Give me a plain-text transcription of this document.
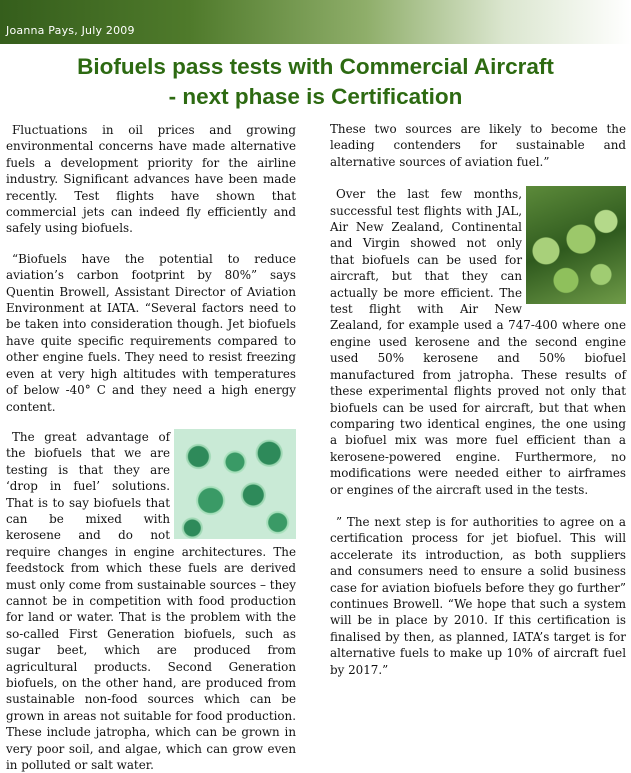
Joanna Pays, July 2009
Biofuels pass tests with Commercial Aircraft
- next phase is Certification

Fluctuations in oil prices and growing environmental concerns have made alternative fuels a development priority for the airline industry. Significant advances have been made recently. Test flights have shown that commercial jets can indeed fly efficiently and safely using biofuels.

“Biofuels have the potential to reduce aviation’s carbon footprint by 80%” says Quentin Browell, Assistant Director of Aviation Environment at IATA. “Several factors need to be taken into consideration though. Jet biofuels have quite specific requirements compared to other engine fuels. They need to resist freezing even at very high altitudes with temperatures of below -40° C and they need a high energy content.

The great advantage of the biofuels that we are testing is that they are ‘drop in fuel’ solutions. That is to say biofuels that can be mixed with kerosene and do not require changes in engine architectures. The feedstock from which these fuels are derived must only come from sustainable sources – they cannot be in competition with food production for land or water. That is the problem with the so-called First Generation biofuels, such as sugar beet, which are produced from agricultural products. Second Generation biofuels, on the other hand, are produced from sustainable non-food sources which can be grown in areas not suitable for food production. These include jatropha, which can be grown in very poor soil, and algae, which can grow even in polluted or salt water.

These two sources are likely to become the leading contenders for sustainable and alternative sources of aviation fuel.”

Over the last few months, successful test flights with JAL, Air New Zealand, Continental and Virgin showed not only that biofuels can be used for aircraft, but that they can actually be more efficient. The test flight with Air New Zealand, for example used a 747-400 where one engine used kerosene and the second engine used 50% kerosene and 50% biofuel manufactured from jatropha. These results of these experimental flights proved not only that biofuels can be used for aircraft, but that when comparing two identical engines, the one using a biofuel mix was more fuel efficient than a kerosene-powered engine. Furthermore, no modifications were needed either to airframes or engines of the aircraft used in the tests.

” The next step is for authorities to agree on a certification process for jet biofuel. This will accelerate its introduction, as both suppliers and consumers need to ensure a solid business case for aviation biofuels before they go further” continues Browell. “We hope that such a system will be in place by 2010. If this certification is finalised by then, as planned, IATA’s target is for alternative fuels to make up 10% of aircraft fuel by 2017.”
